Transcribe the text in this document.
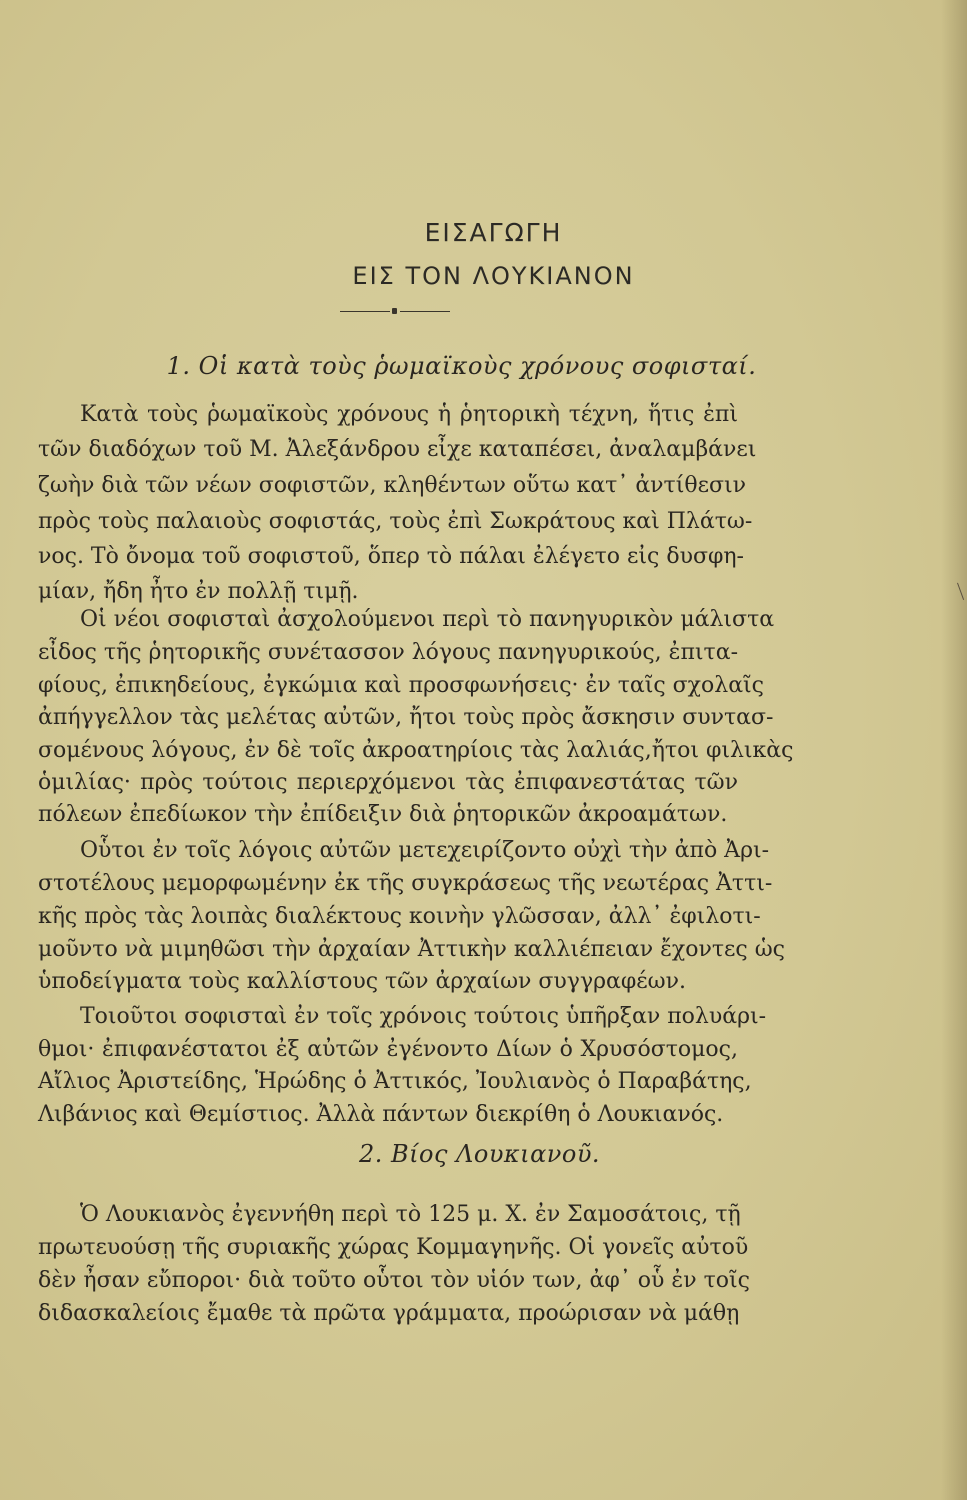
ΕΙΣΑΓΩΓΗ
ΕΙΣ ΤΟΝ ΛΟΥΚΙΑΝΟΝ
1. Οἱ κατὰ τοὺς ῥωμαϊκοὺς χρόνους σοφισταί.
Κατὰ τοὺς ῥωμαϊκοὺς χρόνους ἡ ῥητορικὴ τέχνη, ἥτις ἐπὶ
τῶν διαδόχων τοῦ Μ. Ἀλεξάνδρου εἶχε καταπέσει, ἀναλαμβάνει
ζωὴν διὰ τῶν νέων σοφιστῶν, κληθέντων οὕτω κατ᾽ ἀντίθεσιν
πρὸς τοὺς παλαιοὺς σοφιστάς, τοὺς ἐπὶ Σωκράτους καὶ Πλάτω-
νος. Τὸ ὄνομα τοῦ σοφιστοῦ, ὅπερ τὸ πάλαι ἐλέγετο εἰς δυσφη-
μίαν, ἤδη ἦτο ἐν πολλῇ τιμῇ.
Οἱ νέοι σοφισταὶ ἀσχολούμενοι περὶ τὸ πανηγυρικὸν μάλιστα
εἶδος τῆς ῥητορικῆς συνέτασσον λόγους πανηγυρικούς, ἐπιτα-
φίους, ἐπικηδείους, ἐγκώμια καὶ προσφωνήσεις· ἐν ταῖς σχολαῖς
ἀπήγγελλον τὰς μελέτας αὐτῶν, ἤτοι τοὺς πρὸς ἄσκησιν συντασ-
σομένους λόγους, ἐν δὲ τοῖς ἀκροατηρίοις τὰς λαλιάς,ἤτοι φιλικὰς
ὁμιλίας· πρὸς τούτοις περιερχόμενοι τὰς ἐπιφανεστάτας τῶν
πόλεων ἐπεδίωκον τὴν ἐπίδειξιν διὰ ῥητορικῶν ἀκροαμάτων.
Οὗτοι ἐν τοῖς λόγοις αὐτῶν μετεχειρίζοντο οὐχὶ τὴν ἀπὸ Ἀρι-
στοτέλους μεμορφωμένην ἐκ τῆς συγκράσεως τῆς νεωτέρας Ἀττι-
κῆς πρὸς τὰς λοιπὰς διαλέκτους κοινὴν γλῶσσαν, ἀλλ᾽ ἐφιλοτι-
μοῦντο νὰ μιμηθῶσι τὴν ἀρχαίαν Ἀττικὴν καλλιέπειαν ἔχοντες ὡς
ὑποδείγματα τοὺς καλλίστους τῶν ἀρχαίων συγγραφέων.
Τοιοῦτοι σοφισταὶ ἐν τοῖς χρόνοις τούτοις ὑπῆρξαν πολυάρι-
θμοι· ἐπιφανέστατοι ἐξ αὐτῶν ἐγένοντο Δίων ὁ Χρυσόστομος,
Αἴλιος Ἀριστείδης, Ἡρώδης ὁ Ἀττικός, Ἰουλιανὸς ὁ Παραβάτης,
Λιβάνιος καὶ Θεμίστιος. Ἀλλὰ πάντων διεκρίθη ὁ Λουκιανός.
2. Βίος Λουκιανοῦ.
Ὁ Λουκιανὸς ἐγεννήθη περὶ τὸ 125 μ. Χ. ἐν Σαμοσάτοις, τῇ
πρωτευούσῃ τῆς συριακῆς χώρας Κομμαγηνῆς. Οἱ γονεῖς αὐτοῦ
δὲν ἦσαν εὔποροι· διὰ τοῦτο οὗτοι τὸν υἱόν των, ἀφ᾽ οὗ ἐν τοῖς
διδασκαλείοις ἔμαθε τὰ πρῶτα γράμματα, προώρισαν νὰ μάθῃ
